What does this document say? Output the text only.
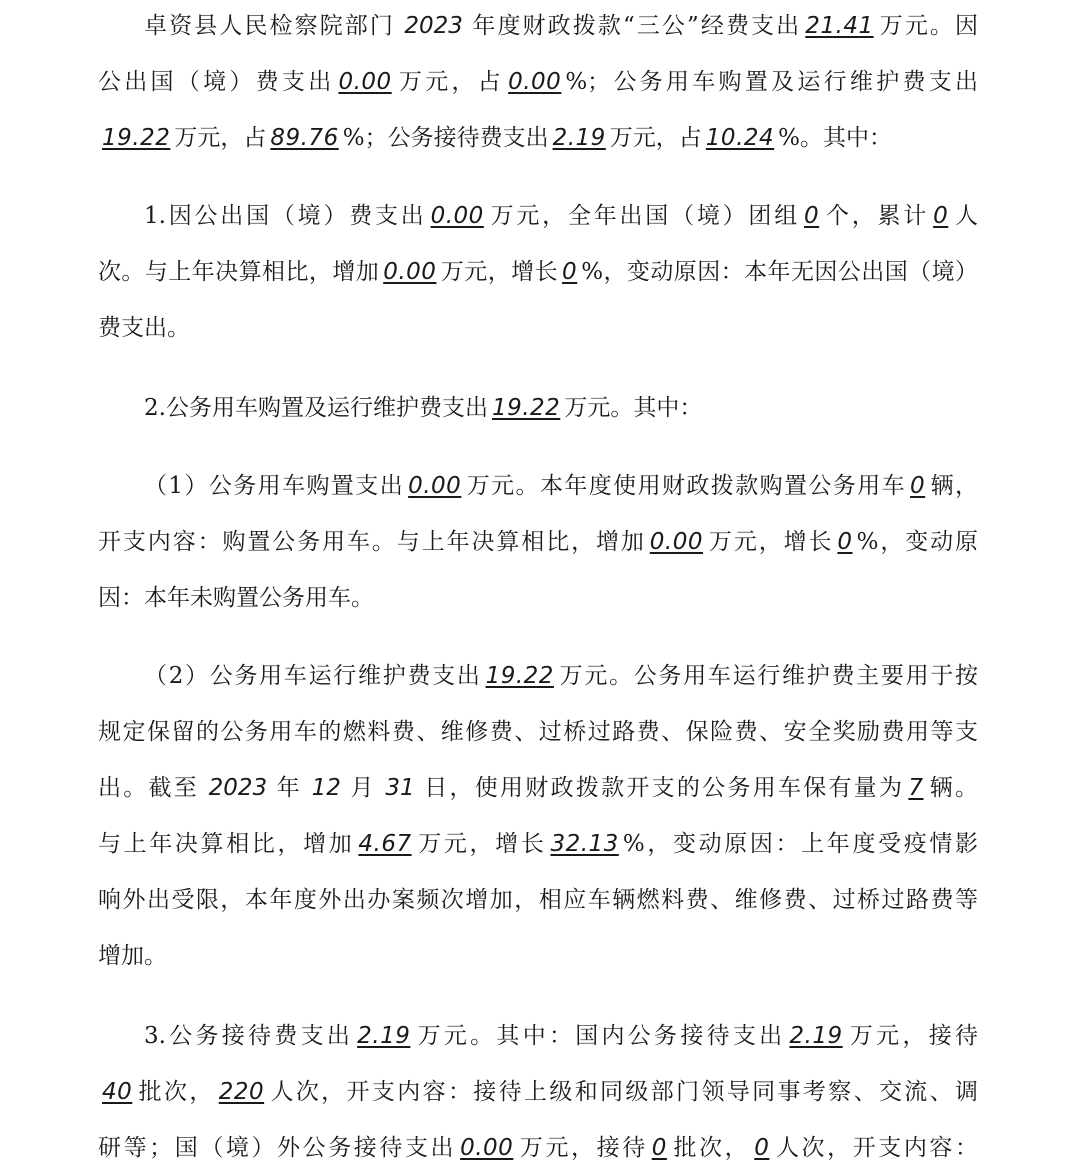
卓资县人民检察院部门 2023 年度财政拨款“三公”经费支出 21.41 万元。因
公出国（境）费支出 0.00 万元，占 0.00 %；公务用车购置及运行维护费支出
19.22 万元，占 89.76 %；公务接待费支出 2.19 万元，占 10.24 %。其中：
1.因公出国（境）费支出 0.00 万元，全年出国（境）团组 0 个，累计 0 人
次。与上年决算相比，增加 0.00 万元，增长 0 %，变动原因：本年无因公出国（境）
费支出。
2.公务用车购置及运行维护费支出 19.22 万元。其中：
（1）公务用车购置支出 0.00 万元。本年度使用财政拨款购置公务用车 0 辆，
开支内容：购置公务用车。与上年决算相比，增加 0.00 万元，增长 0 %，变动原
因：本年未购置公务用车。
（2）公务用车运行维护费支出 19.22 万元。公务用车运行维护费主要用于按
规定保留的公务用车的燃料费、维修费、过桥过路费、保险费、安全奖励费用等支
出。截至 2023 年 12 月 31 日，使用财政拨款开支的公务用车保有量为 7 辆。
与上年决算相比，增加 4.67 万元，增长 32.13 %，变动原因：上年度受疫情影
响外出受限，本年度外出办案频次增加，相应车辆燃料费、维修费、过桥过路费等
增加。
3.公务接待费支出 2.19 万元。其中：国内公务接待支出 2.19 万元，接待
40 批次， 220 人次，开支内容：接待上级和同级部门领导同事考察、交流、调
研等；国（境）外公务接待支出 0.00 万元，接待 0 批次， 0 人次，开支内容：
